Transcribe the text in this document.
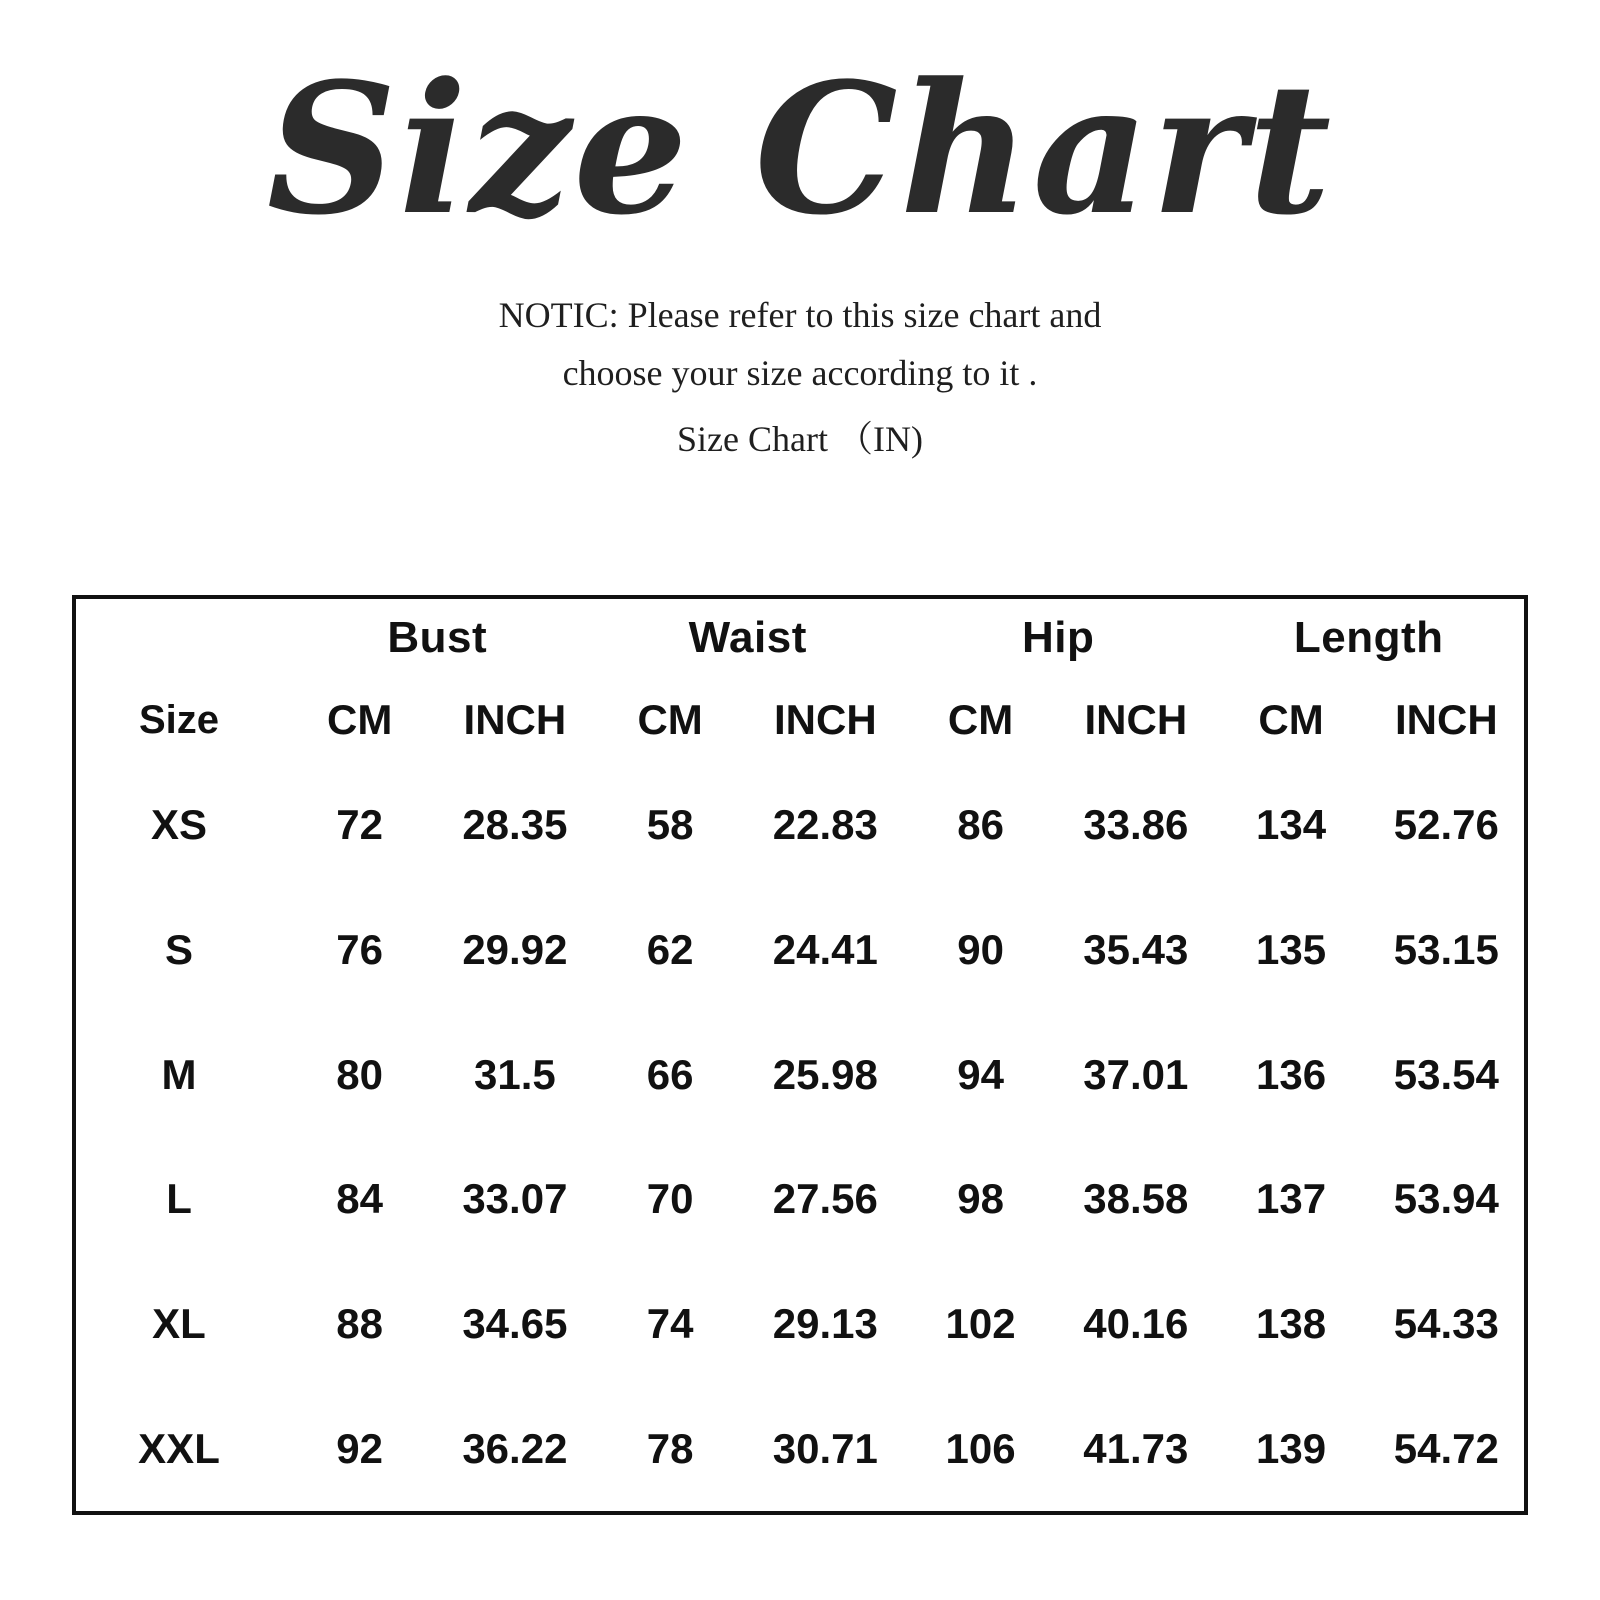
Size Chart
NOTIC: Please refer to this size chart and
choose your size according to it .
Size Chart （IN)
	Bust		Waist		Hip		Length	
Size	CM	INCH	CM	INCH	CM	INCH	CM	INCH
XS	72	28.35	58	22.83	86	33.86	134	52.76
S	76	29.92	62	24.41	90	35.43	135	53.15
M	80	31.5	66	25.98	94	37.01	136	53.54
L	84	33.07	70	27.56	98	38.58	137	53.94
XL	88	34.65	74	29.13	102	40.16	138	54.33
XXL	92	36.22	78	30.71	106	41.73	139	54.72
